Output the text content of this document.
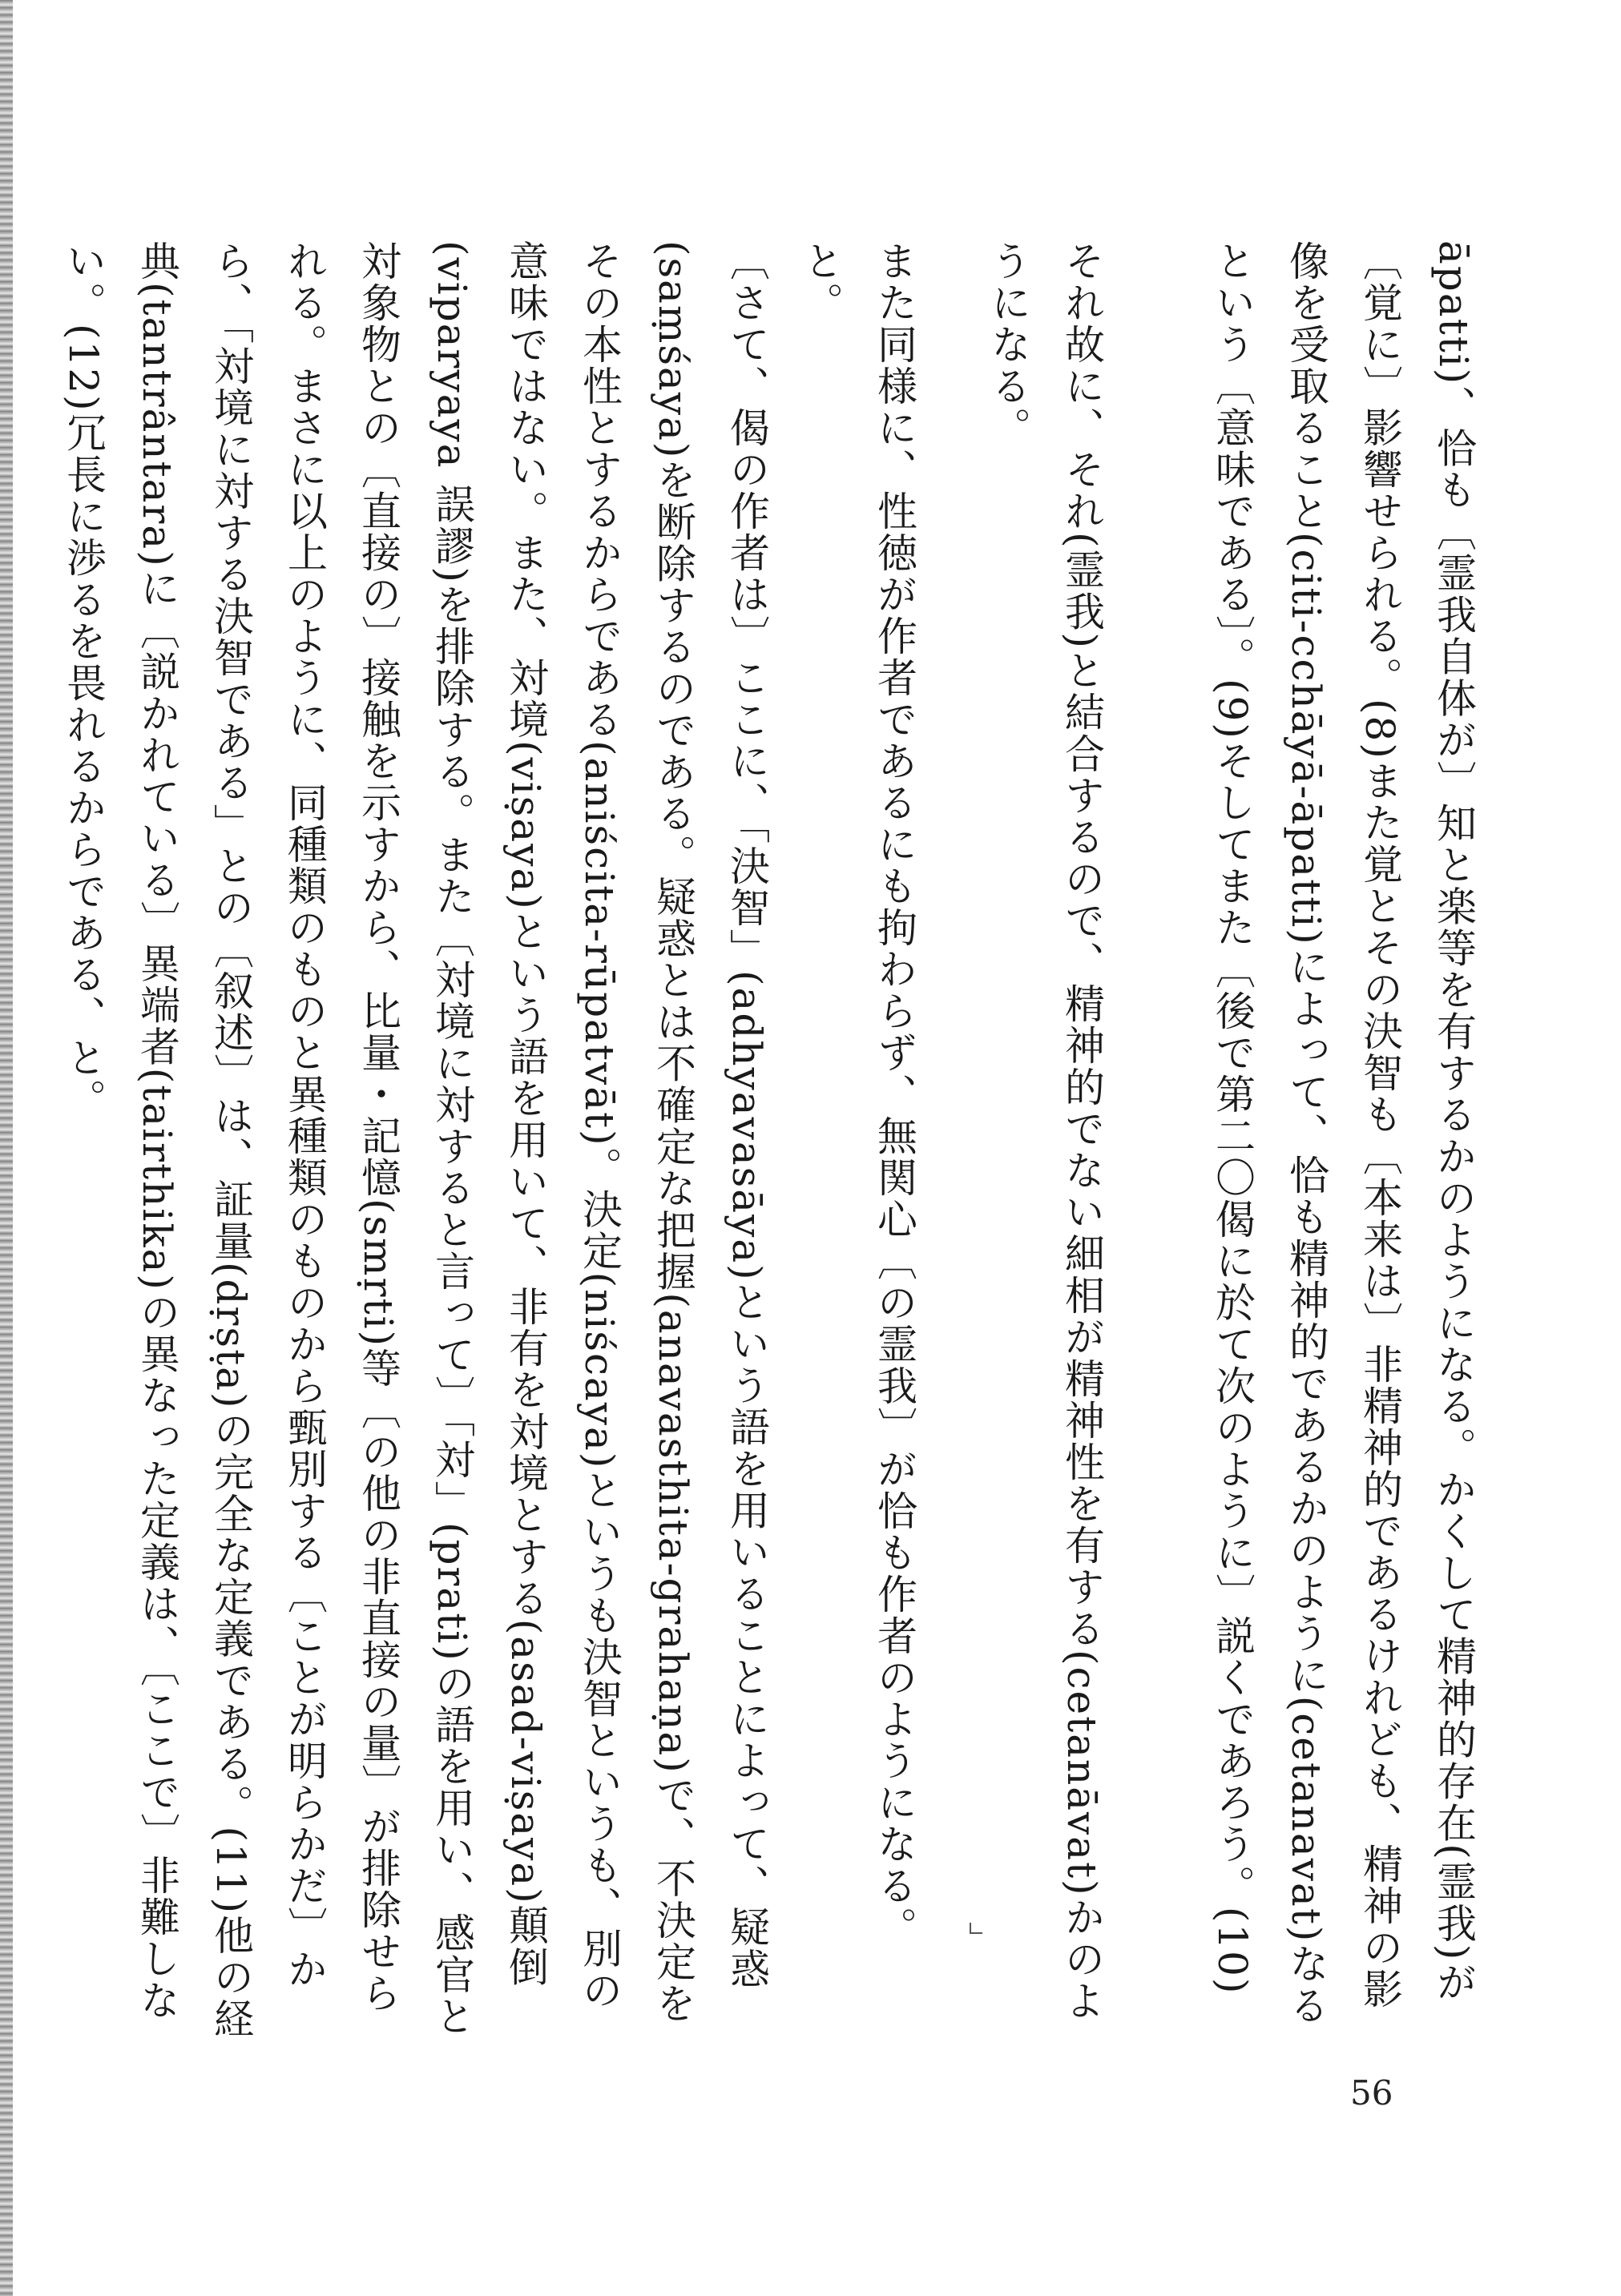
āpatti)、恰も〔霊我自体が〕知と楽等を有するかのようになる。かくして精神的存在(霊我)が〔覚に〕影響せられる。(8)また覚とその決智も〔本来は〕非精神的であるけれども、精神の影像を受取ること(citi-cchāyā-āpatti)によって、恰も精神的であるかのように(cetanavat)なるという〔意味である〕。(9)そしてまた〔後で第二〇偈に於て次のように〕説くであろう。(10)

それ故に、それ(霊我)と結合するので、精神的でない細相が精神性を有する(cetanāvat)かのようになる。

また同様に、性徳が作者であるにも拘わらず、無関心〔の霊我〕が恰も作者のようになる。

と。

〔さて、偈の作者は〕ここに、「決智」(adhyavasāya)という語を用いることによって、疑惑(saṃśaya)を断除するのである。疑惑とは不確定な把握(anavasthita-grahaṇa)で、不決定をその本性とするからである(aniścita-rūpatvāt)。決定(niścaya)というも決智というも、別の意味ではない。また、対境(viṣaya)という語を用いて、非有を対境とする(asad-viṣaya)顛倒(viparyaya 誤謬)を排除する。また〔対境に対すると言って〕「対」(prati)の語を用い、感官と対象物との〔直接の〕接触を示すから、比量・記憶(smṛti)等〔の他の非直接の量〕が排除せられる。まさに以上のように、同種類のものと異種類のものから甄別する〔ことが明らかだ〕から、「対境に対する決智である」との〔叙述〕は、証量(dṛṣṭa)の完全な定義である。(11)他の経典(tantrântara)に〔説かれている〕異端者(tairthika)の異なった定義は、〔ここで〕非難しない。(12)冗長に渉るを畏れるからである、と。

56
